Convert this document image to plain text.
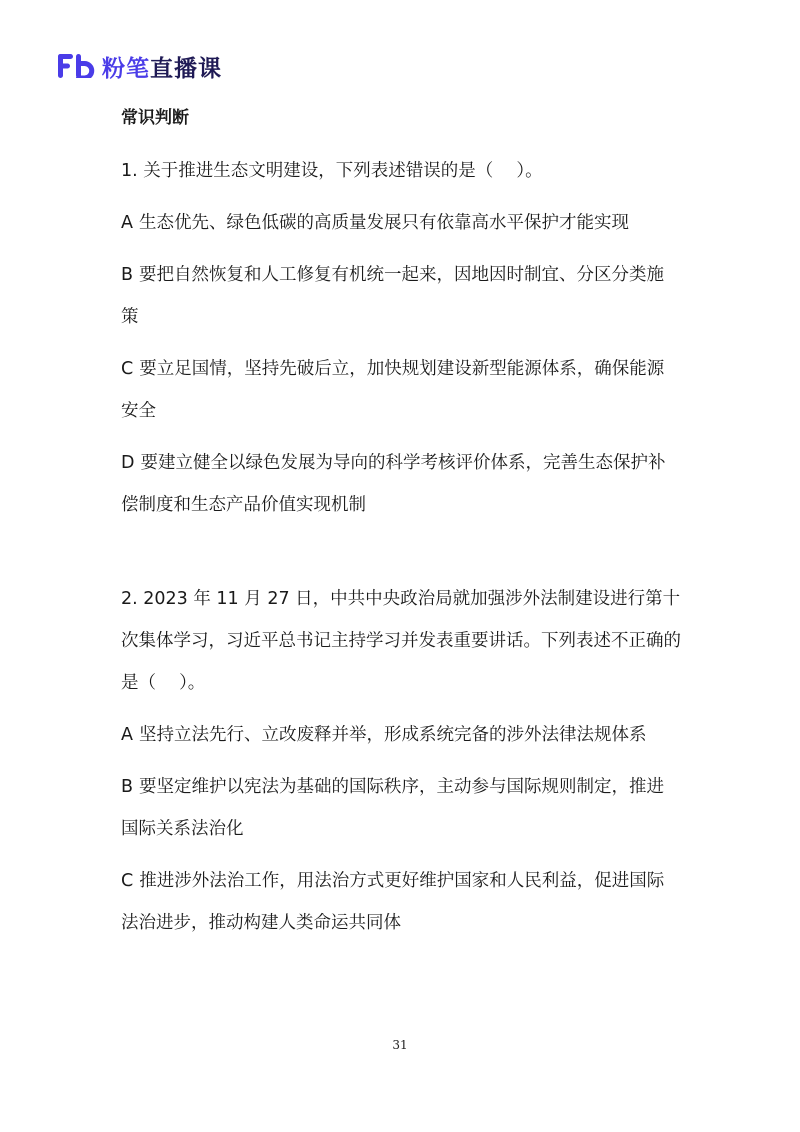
粉笔直播课
常识判断
1. 关于推进生态文明建设，下列表述错误的是（　 ）。
A 生态优先、绿色低碳的高质量发展只有依靠高水平保护才能实现
B 要把自然恢复和人工修复有机统一起来，因地因时制宜、分区分类施策
C 要立足国情，坚持先破后立，加快规划建设新型能源体系，确保能源安全
D 要建立健全以绿色发展为导向的科学考核评价体系，完善生态保护补偿制度和生态产品价值实现机制
2. 2023 年 11 月 27 日，中共中央政治局就加强涉外法制建设进行第十次集体学习，习近平总书记主持学习并发表重要讲话。下列表述不正确的是（　 ）。
A 坚持立法先行、立改废释并举，形成系统完备的涉外法律法规体系
B 要坚定维护以宪法为基础的国际秩序，主动参与国际规则制定，推进国际关系法治化
C 推进涉外法治工作，用法治方式更好维护国家和人民利益，促进国际法治进步，推动构建人类命运共同体
31
